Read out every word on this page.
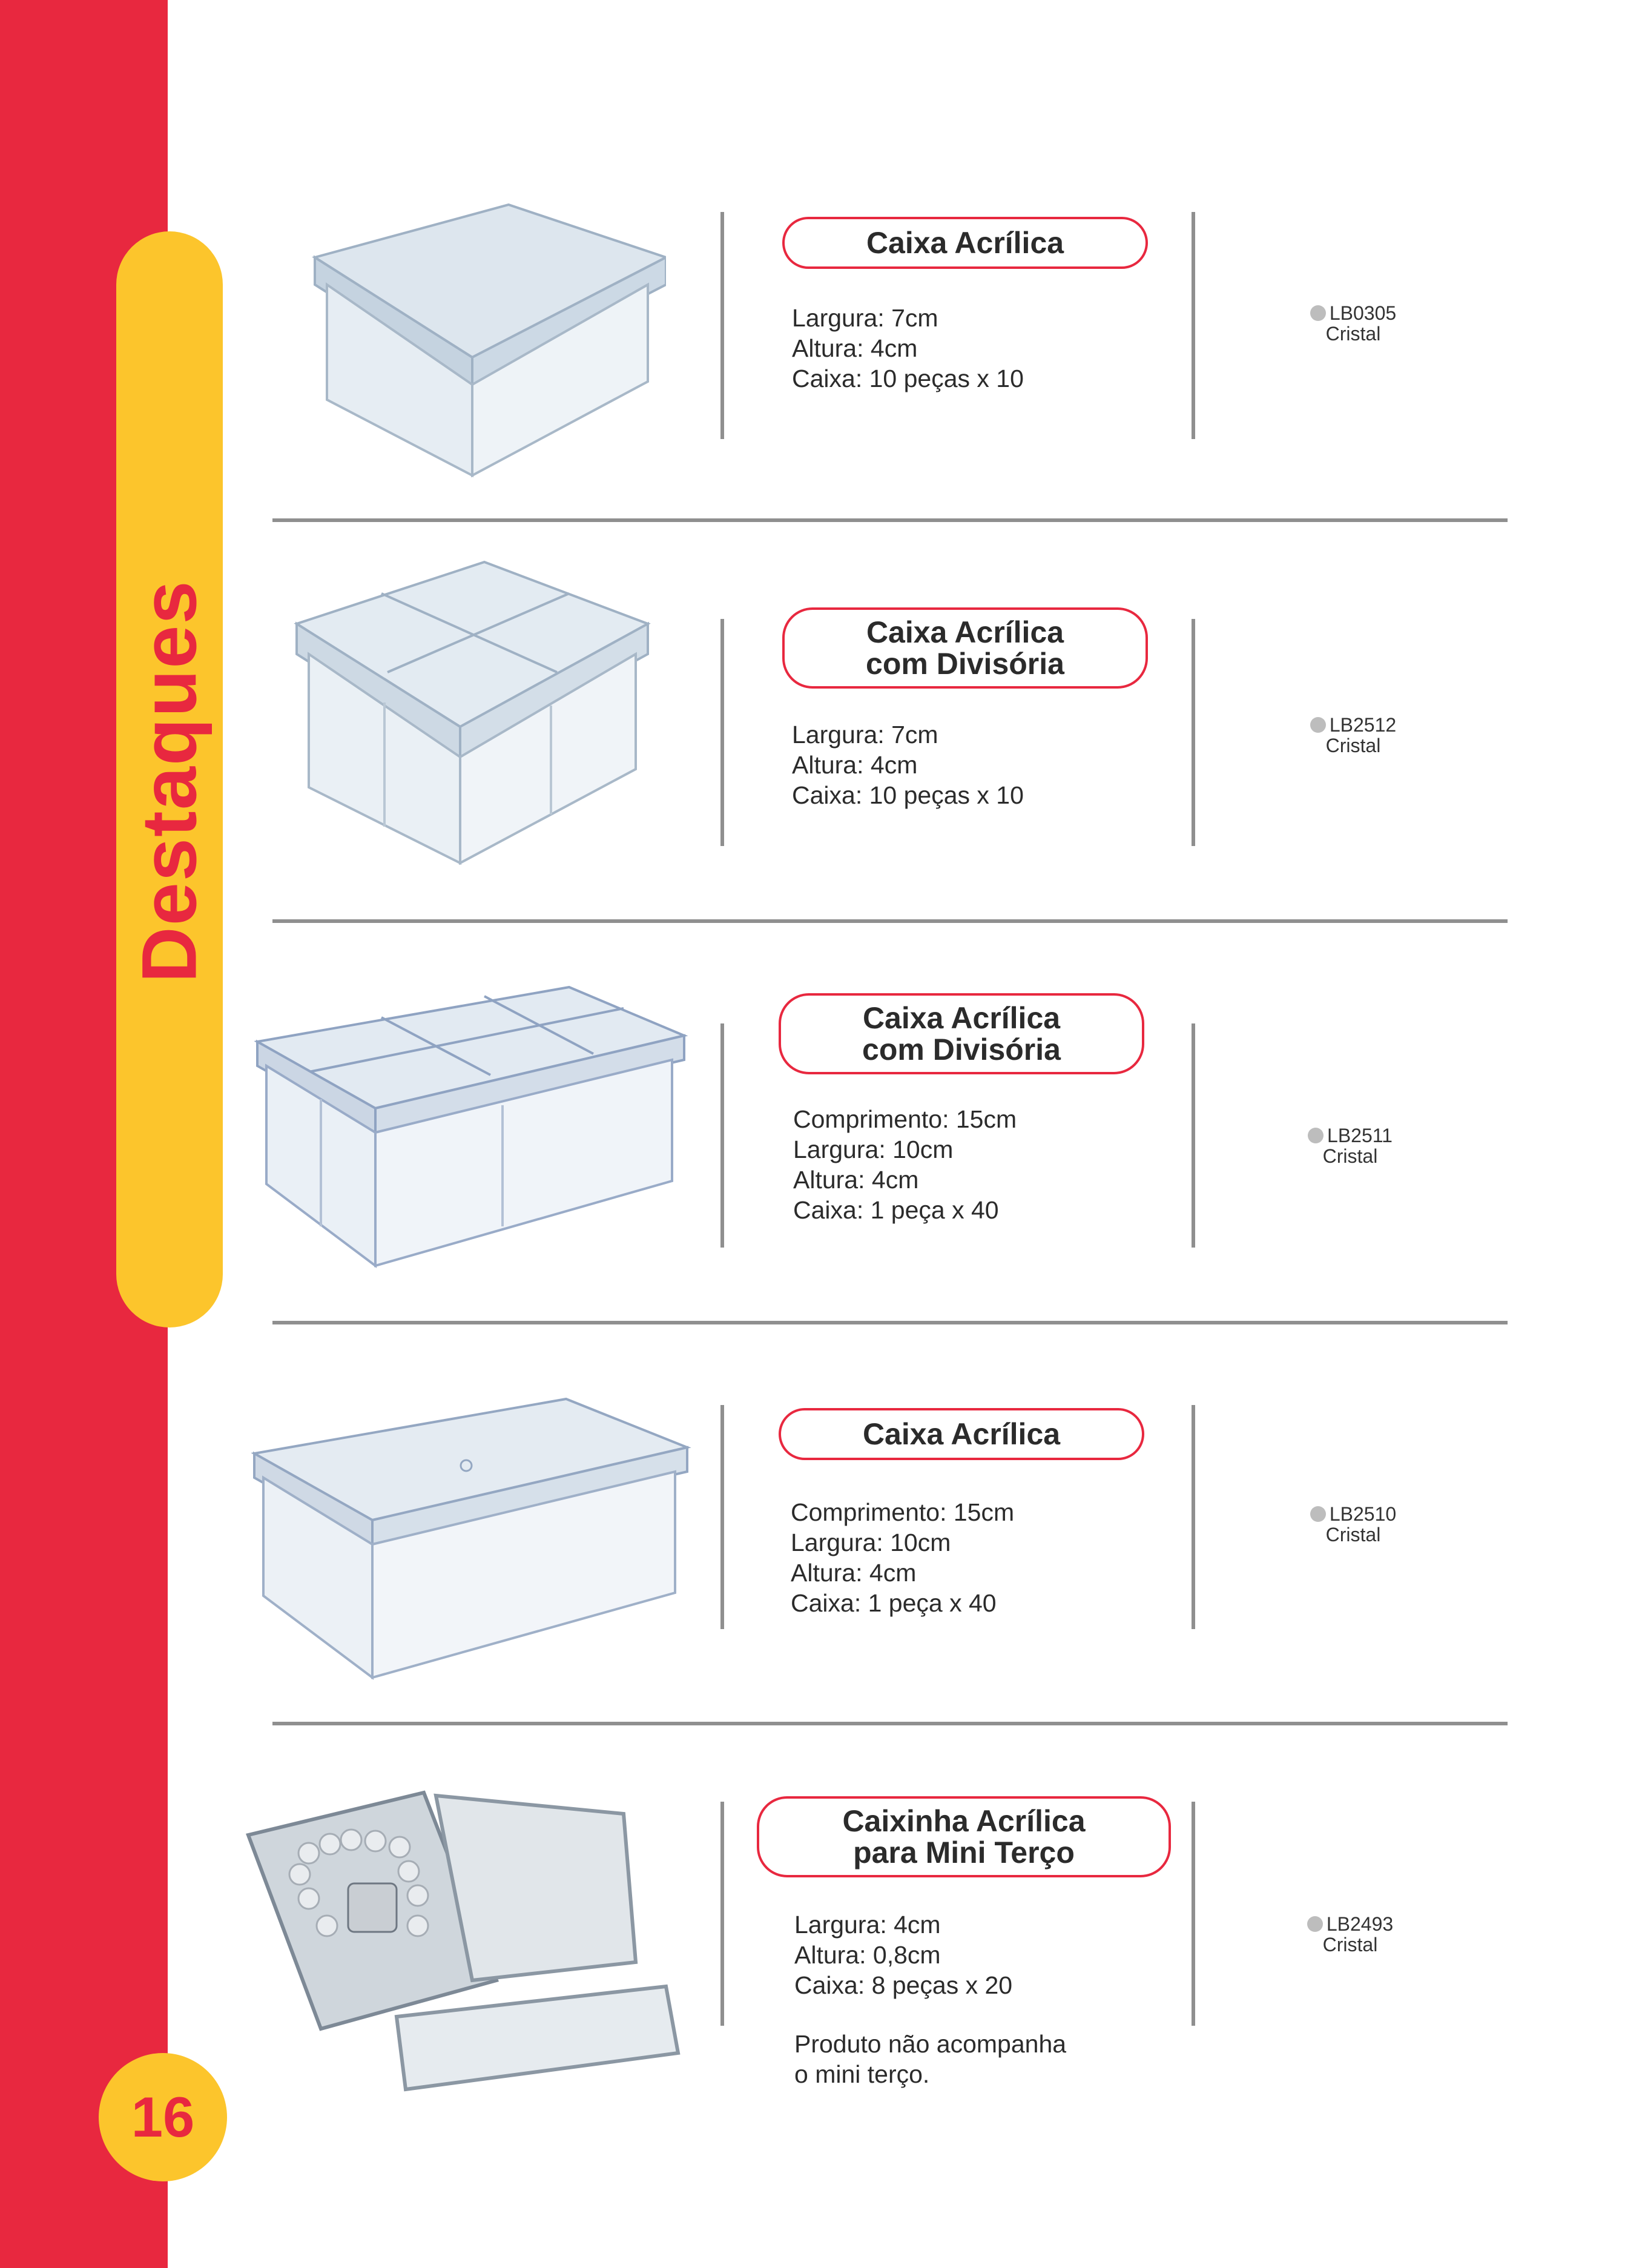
Destaques
16
Caixa Acrílica
Largura: 7cm
Altura: 4cm
Caixa: 10 peças x 10
LB0305
Cristal
Caixa Acrílica
com Divisória
Largura: 7cm
Altura: 4cm
Caixa: 10 peças x 10
LB2512
Cristal
Caixa Acrílica
com Divisória
Comprimento: 15cm
Largura: 10cm
Altura: 4cm
Caixa: 1 peça x 40
LB2511
Cristal
Caixa Acrílica
Comprimento: 15cm
Largura: 10cm
Altura: 4cm
Caixa: 1 peça x 40
LB2510
Cristal
Caixinha Acrílica
para Mini Terço
Largura: 4cm
Altura: 0,8cm
Caixa: 8 peças x 20
Produto não acompanha
o mini terço.
LB2493
Cristal
